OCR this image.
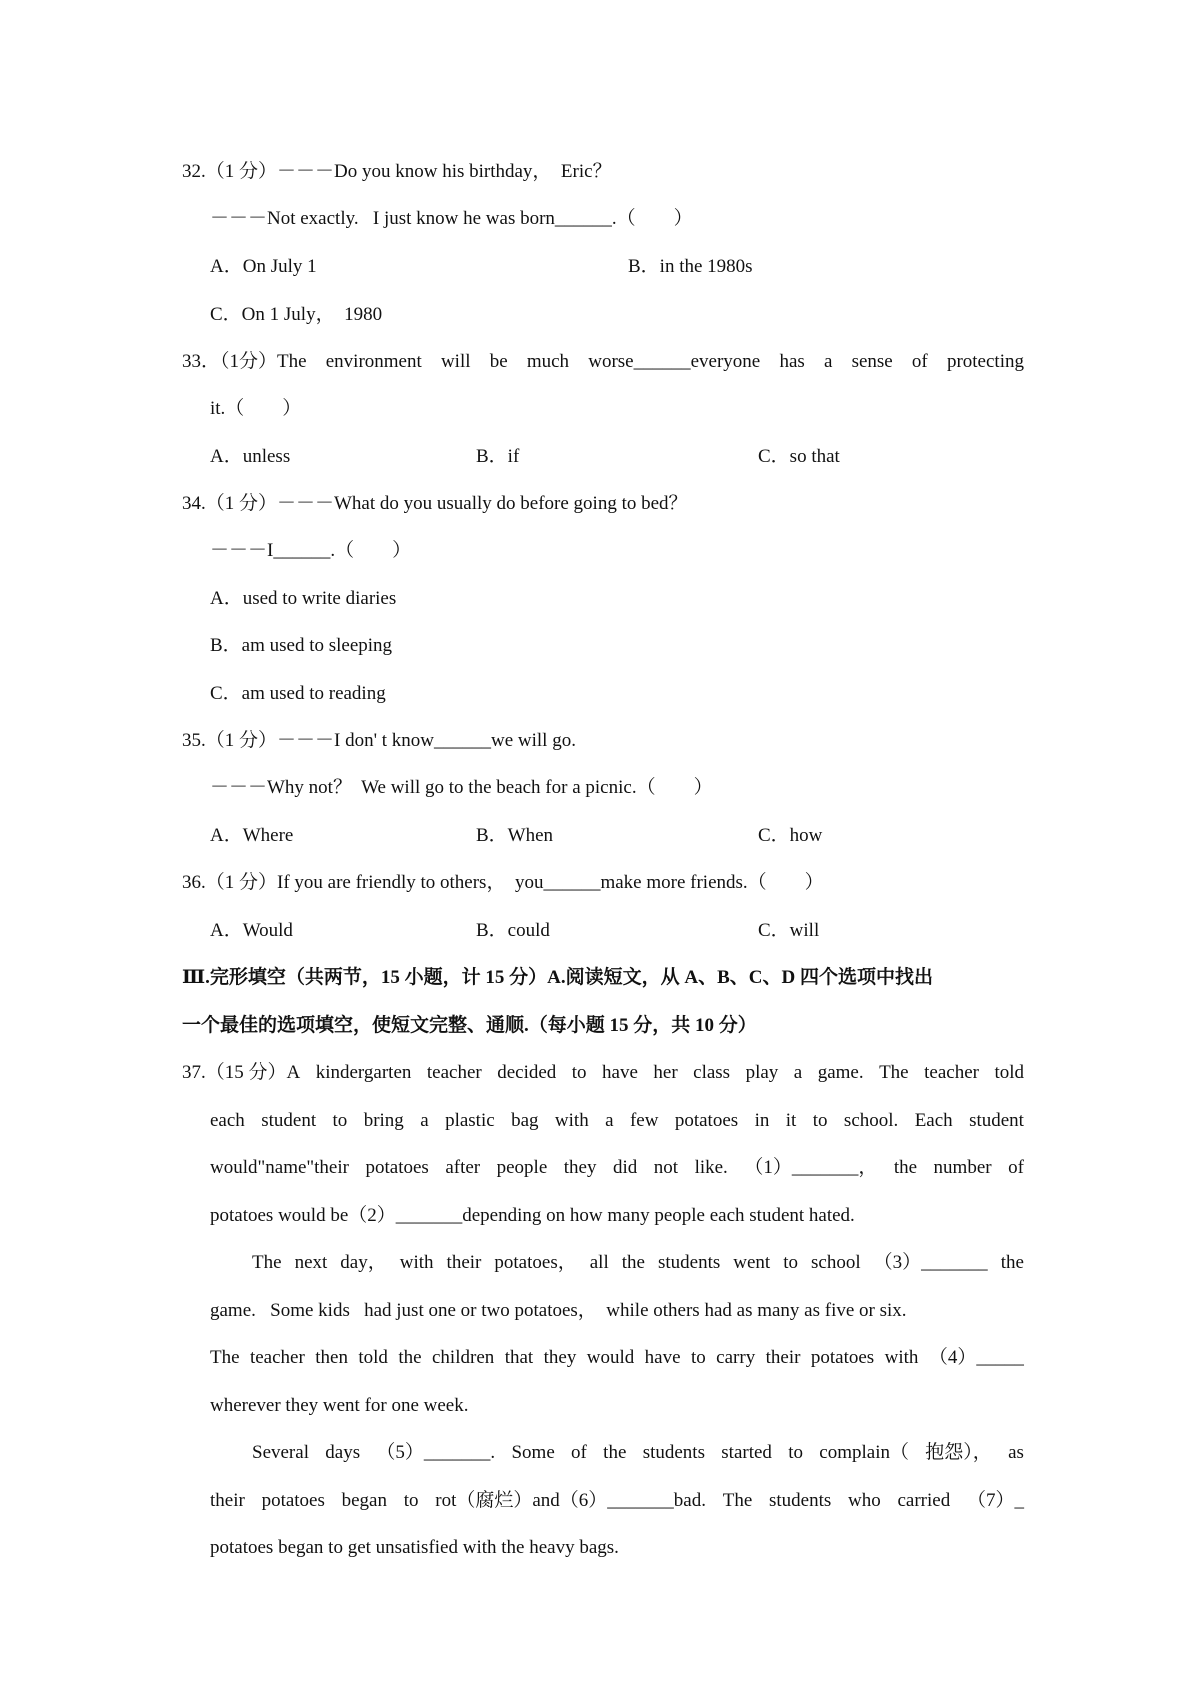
32.（1 分）－－－Do you know his birthday，  Eric？
－－－Not exactly.   I just know he was born______.（　　）
A．On July 1	B．in the 1980s
C．On 1 July，  1980
33．（1分）The environment will be much worse______everyone has a sense of protecting
it.（　　）
A．unless	B．if	C．so that
34.（1 分）－－－What do you usually do before going to bed？
－－－I______.（　　）
A．used to write diaries
B．am used to sleeping
C．am used to reading
35.（1 分）－－－I don' t know______we will go.
－－－Why not？  We will go to the beach for a picnic.（　　）
A．Where	B．When	C．how
36.（1 分）If you are friendly to others，  you______make more friends.（　　）
A．Would	B．could	C．will
Ⅲ.完形填空（共两节，15 小题，计 15 分）A.阅读短文，从 A、B、C、D 四个选项中找出
一个最佳的选项填空，使短文完整、通顺.（每小题 15 分，共 10 分）
37.（15 分）A kindergarten teacher decided to have her class play a game. The teacher told
each student to bring a plastic bag with a few potatoes in it to school. Each student
would"name"their potatoes after people they did not like. （1）_______， the number of
potatoes would be（2）_______depending on how many people each student hated.
The next day， with their potatoes， all the students went to school （3）_______ the
game.   Some kids   had just one or two potatoes，  while others had as many as five or six.
The teacher then told the children that they would have to carry their potatoes with （4）_____
wherever they went for one week.
Several days （5）_______. Some of the students started to complain（ 抱怨）， as
their potatoes began to rot（腐烂）and（6）_______bad. The students who carried （7）_
potatoes began to get unsatisfied with the heavy bags.
